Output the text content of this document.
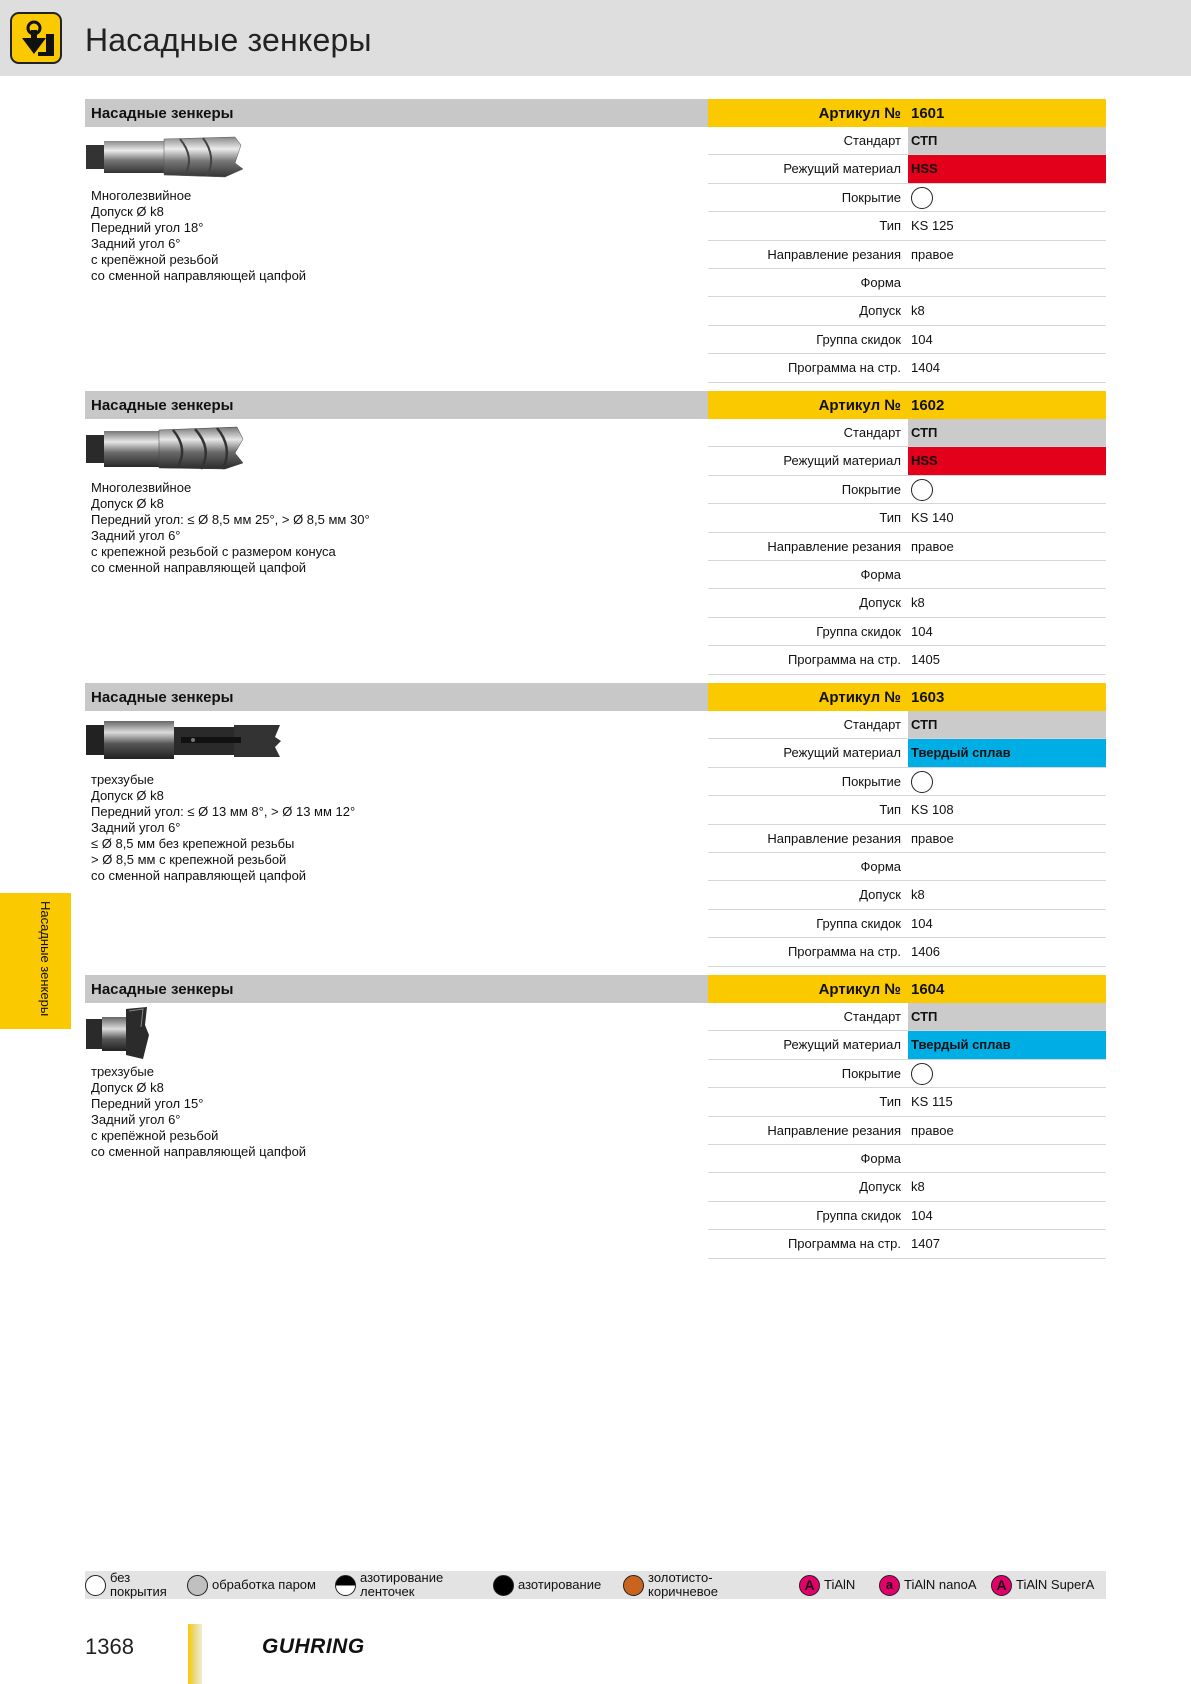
Насадные зенкеры
Насадные зенкеры	Артикул № 1601
Многолезвийное
Допуск Ø k8
Передний угол 18°
Задний угол 6°
с крепёжной резьбой
со сменной направляющей цапфой
Стандарт СТП
Режущий материал HSS
Покрытие
Тип KS 125
Направление резания правое
Форма
Допуск k8
Группа скидок 104
Программа на стр. 1404
Насадные зенкеры	Артикул № 1602
Многолезвийное
Допуск Ø k8
Передний угол: ≤ Ø 8,5 мм 25°, > Ø 8,5 мм 30°
Задний угол 6°
с крепежной резьбой с размером конуса
со сменной направляющей цапфой
Стандарт СТП
Режущий материал HSS
Покрытие
Тип KS 140
Направление резания правое
Форма
Допуск k8
Группа скидок 104
Программа на стр. 1405
Насадные зенкеры	Артикул № 1603
трехзубые
Допуск Ø k8
Передний угол: ≤ Ø 13 мм 8°, > Ø 13 мм 12°
Задний угол 6°
≤ Ø 8,5 мм без крепежной резьбы
> Ø 8,5 мм с крепежной резьбой
со сменной направляющей цапфой
Стандарт СТП
Режущий материал Твердый сплав
Покрытие
Тип KS 108
Направление резания правое
Форма
Допуск k8
Группа скидок 104
Программа на стр. 1406
Насадные зенкеры	Артикул № 1604
трехзубые
Допуск Ø k8
Передний угол 15°
Задний угол 6°
с крепёжной резьбой
со сменной направляющей цапфой
Стандарт СТП
Режущий материал Твердый сплав
Покрытие
Тип KS 115
Направление резания правое
Форма
Допуск k8
Группа скидок 104
Программа на стр. 1407
Насадные зенкеры
без
покрытия	обработка паром	азотирование
ленточек	азотирование	золотисто-
коричневое	A TiAlN	a TiAlN nanoA	A TiAlN SuperA
1368	GUHRING
